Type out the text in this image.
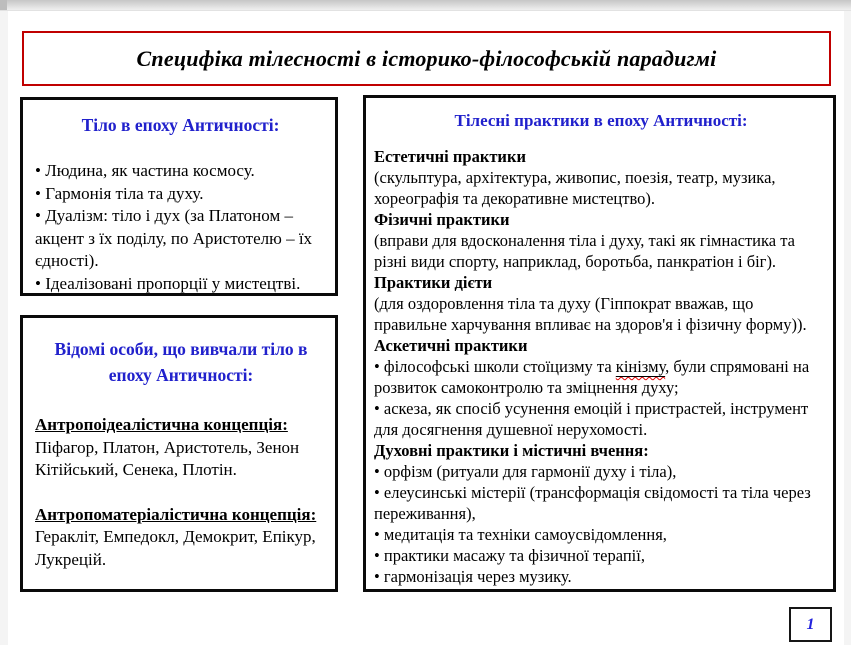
Специфіка тілесності в історико-філософській парадигмі
Тіло в епоху Античності:

• Людина, як частина космосу.

• Гармонія тіла та духу.

• Дуалізм: тіло і дух (за Платоном – акцент з їх поділу, по Аристотелю – їх єдності).

• Ідеалізовані пропорції у мистецтві.

Відомі особи, що вивчали тіло в епоху Античності:

Антропоідеалістична концепція:

Піфагор, Платон, Аристотель, Зенон Кітійський, Сенека, Плотін.

Антропоматеріалістична концепція:

Геракліт, Емпедокл, Демокрит, Епікур, Лукрецій.

Тілесні практики в епоху Античності:

Естетичні практики

(скульптура, архітектура, живопис, поезія, театр, музика, хореографія та декоративне мистецтво).

Фізичні практики

(вправи для вдосконалення тіла і духу, такі як гімнастика та різні види спорту, наприклад, боротьба, панкратіон і біг).

Практики дієти

(для оздоровлення тіла та духу (Гіппократ вважав, що правильне харчування впливає на здоров'я і фізичну форму)).

Аскетичні практики

• філософські школи стоїцизму та кінізму, були спрямовані на розвиток самоконтролю та зміцнення духу;

• аскеза, як спосіб усунення емоцій і пристрастей, інструмент для досягнення душевної нерухомості.

Духовні практики і містичні вчення:

• орфізм (ритуали для гармонії духу і тіла),

• елеусинські містерії (трансформація свідомості та тіла через переживання),

• медитація та техніки самоусвідомлення,

• практики масажу та фізичної терапії,

• гармонізація через музику.

1
